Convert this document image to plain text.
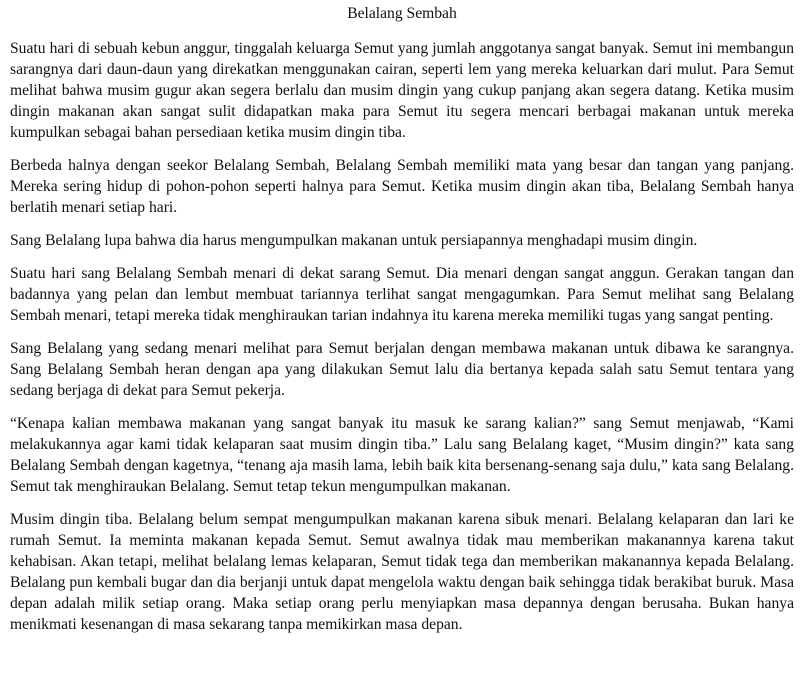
Belalang Sembah

Suatu hari di sebuah kebun anggur, tinggalah keluarga Semut yang jumlah anggotanya sangat banyak. Semut ini membangun sarangnya dari daun-daun yang direkatkan menggunakan cairan, seperti lem yang mereka keluarkan dari mulut. Para Semut melihat bahwa musim gugur akan segera berlalu dan musim dingin yang cukup panjang akan segera datang. Ketika musim dingin makanan akan sangat sulit didapatkan maka para Semut itu segera mencari berbagai makanan untuk mereka kumpulkan sebagai bahan persediaan ketika musim dingin tiba.

Berbeda halnya dengan seekor Belalang Sembah, Belalang Sembah memiliki mata yang besar dan tangan yang panjang. Mereka sering hidup di pohon-pohon seperti halnya para Semut. Ketika musim dingin akan tiba, Belalang Sembah hanya berlatih menari setiap hari.

Sang Belalang lupa bahwa dia harus mengumpulkan makanan untuk persiapannya menghadapi musim dingin.

Suatu hari sang Belalang Sembah menari di dekat sarang Semut. Dia menari dengan sangat anggun. Gerakan tangan dan badannya yang pelan dan lembut membuat tariannya terlihat sangat mengagumkan. Para Semut melihat sang Belalang Sembah menari, tetapi mereka tidak menghiraukan tarian indahnya itu karena mereka memiliki tugas yang sangat penting.

Sang Belalang yang sedang menari melihat para Semut berjalan dengan membawa makanan untuk dibawa ke sarangnya. Sang Belalang Sembah heran dengan apa yang dilakukan Semut lalu dia bertanya kepada salah satu Semut tentara yang sedang berjaga di dekat para Semut pekerja.

“Kenapa kalian membawa makanan yang sangat banyak itu masuk ke sarang kalian?” sang Semut menjawab, “Kami melakukannya agar kami tidak kelaparan saat musim dingin tiba.” Lalu sang Belalang kaget, “Musim dingin?” kata sang Belalang Sembah dengan kagetnya, “tenang aja masih lama, lebih baik kita bersenang-senang saja dulu,” kata sang Belalang. Semut tak menghiraukan Belalang. Semut tetap tekun mengumpulkan makanan.

Musim dingin tiba. Belalang belum sempat mengumpulkan makanan karena sibuk menari. Belalang kelaparan dan lari ke rumah Semut. Ia meminta makanan kepada Semut. Semut awalnya tidak mau memberikan makanannya karena takut kehabisan. Akan tetapi, melihat belalang lemas kelaparan, Semut tidak tega dan memberikan makanannya kepada Belalang. Belalang pun kembali bugar dan dia berjanji untuk dapat mengelola waktu dengan baik sehingga tidak berakibat buruk. Masa depan adalah milik setiap orang. Maka setiap orang perlu menyiapkan masa depannya dengan berusaha. Bukan hanya menikmati kesenangan di masa sekarang tanpa memikirkan masa depan.
